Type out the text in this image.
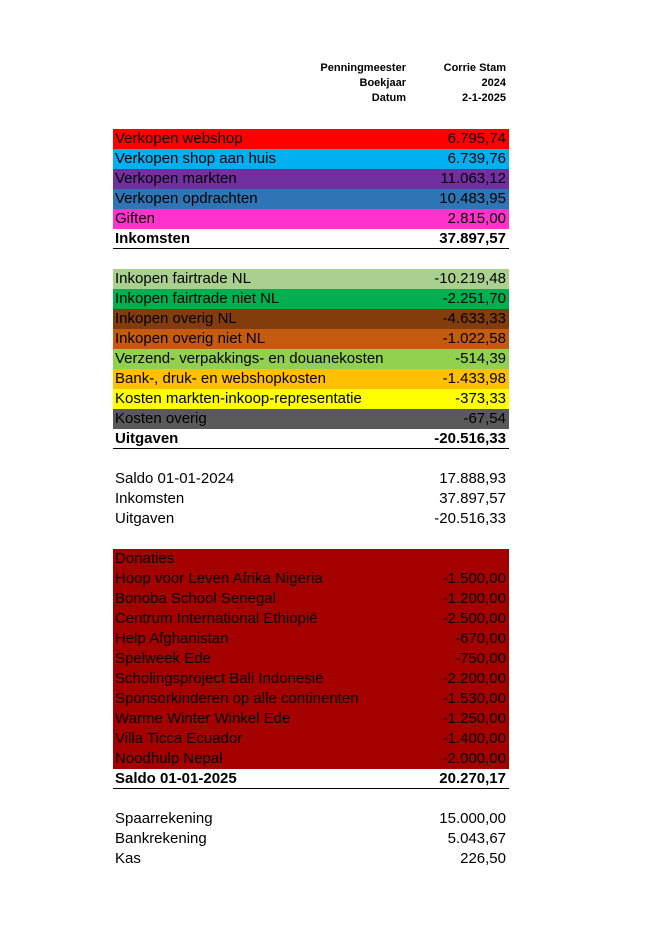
Penningmeester	Corrie Stam
Boekjaar	2024
Datum	2-1-2025
Verkopen webshop	6.795,74
Verkopen shop aan huis	6.739,76
Verkopen markten	11.063,12
Verkopen opdrachten	10.483,95
Giften	2.815,00
Inkomsten	37.897,57
Inkopen fairtrade NL	-10.219,48
Inkopen fairtrade niet NL	-2.251,70
Inkopen overig NL	-4.633,33
Inkopen overig niet NL	-1.022,58
Verzend- verpakkings- en douanekosten	-514,39
Bank-, druk- en webshopkosten	-1.433,98
Kosten markten-inkoop-representatie	-373,33
Kosten overig	-67,54
Uitgaven	-20.516,33
Saldo 01-01-2024	17.888,93
Inkomsten	37.897,57
Uitgaven	-20.516,33
Donaties
Hoop voor Leven Afrika Nigeria	-1.500,00
Bonoba School Senegal	-1.200,00
Centrum International Ethiopië	-2.500,00
Help Afghanistan	-670,00
Spelweek Ede	-750,00
Scholingsproject Bali Indonesië	-2.200,00
Sponsorkinderen op alle continenten	-1.530,00
Warme Winter Winkel Ede	-1.250,00
Villa Ticca Ecuador	-1.400,00
Noodhulp Nepal	-2.000,00
Saldo 01-01-2025	20.270,17
Spaarrekening	15.000,00
Bankrekening	5.043,67
Kas	226,50
